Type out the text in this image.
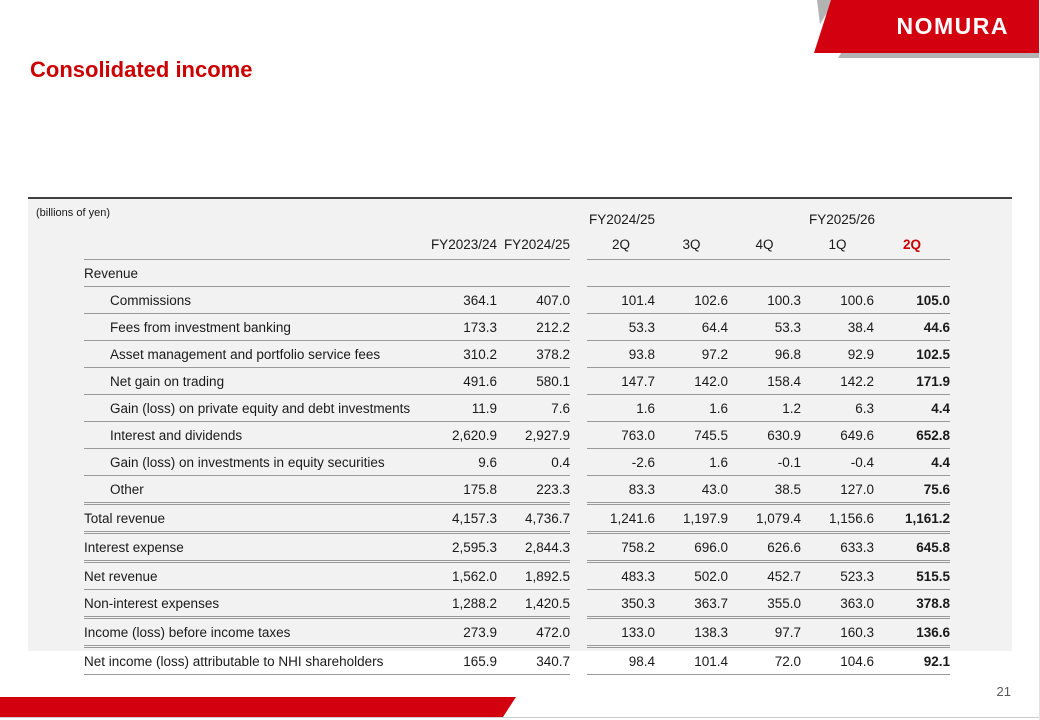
NOMURA
Consolidated income
(billions of yen)
					FY2024/25			FY2025/26	
	FY2023/24	FY2024/25		2Q	3Q	4Q	1Q	2Q
Revenue								
Commissions	364.1	407.0		101.4	102.6	100.3	100.6	105.0
Fees from investment banking	173.3	212.2		53.3	64.4	53.3	38.4	44.6
Asset management and portfolio service fees	310.2	378.2		93.8	97.2	96.8	92.9	102.5
Net gain on trading	491.6	580.1		147.7	142.0	158.4	142.2	171.9
Gain (loss) on private equity and debt investments	11.9	7.6		1.6	1.6	1.2	6.3	4.4
Interest and dividends	2,620.9	2,927.9		763.0	745.5	630.9	649.6	652.8
Gain (loss) on investments in equity securities	9.6	0.4		-2.6	1.6	-0.1	-0.4	4.4
Other	175.8	223.3		83.3	43.0	38.5	127.0	75.6
Total revenue	4,157.3	4,736.7		1,241.6	1,197.9	1,079.4	1,156.6	1,161.2
Interest expense	2,595.3	2,844.3		758.2	696.0	626.6	633.3	645.8
Net revenue	1,562.0	1,892.5		483.3	502.0	452.7	523.3	515.5
Non-interest expenses	1,288.2	1,420.5		350.3	363.7	355.0	363.0	378.8
Income (loss) before income taxes	273.9	472.0		133.0	138.3	97.7	160.3	136.6
Net income (loss) attributable to NHI shareholders	165.9	340.7		98.4	101.4	72.0	104.6	92.1
21
